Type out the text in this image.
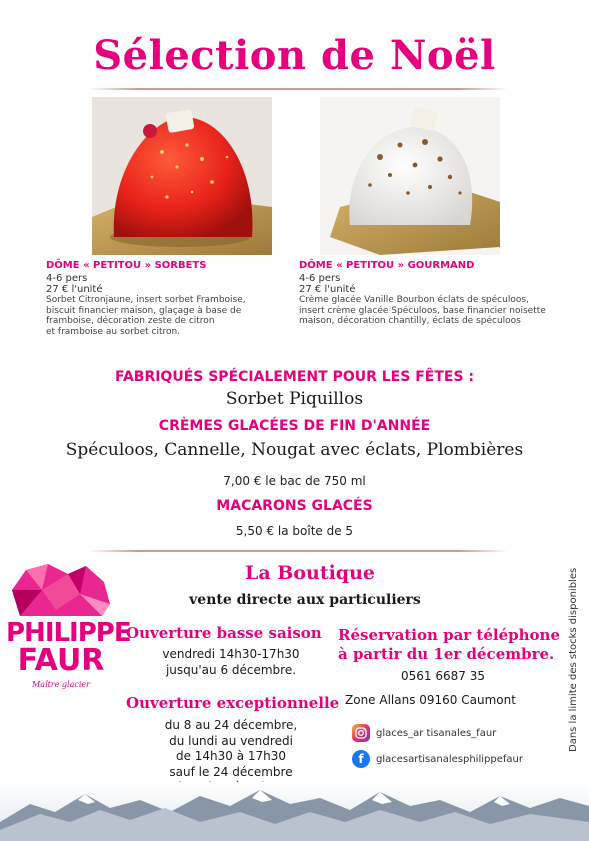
Sélection de Noël
DÔME « PETITOU » SORBETS
4-6 pers
27 € l'unité
Sorbet Citronjaune, insert sorbet Framboise,
biscuit financier maison, glaçage à base de
framboise, décoration zeste de citron
et framboise au sorbet citron.
DÔME « PETITOU » GOURMAND
4-6 pers
27 € l'unité
Crème glacée Vanille Bourbon éclats de spéculoos,
insert crème glacée Spéculoos, base financier noisette
maison, décoration chantilly, éclats de spéculoos
FABRIQUÉS SPÉCIALEMENT POUR LES FÊTES :
Sorbet Piquillos
CRÈMES GLACÉES DE FIN D'ANNÉE
Spéculoos, Cannelle, Nougat avec éclats, Plombières
7,00 € le bac de 750 ml
MACARONS GLACÉS
5,50 € la boîte de 5
PHILIPPE
FAUR
Maître glacier
La Boutique
vente directe aux particuliers
Ouverture basse saison
vendredi 14h30-17h30
jusqu'au 6 décembre.
Ouverture exceptionnelle
du 8 au 24 décembre,
du lundi au vendredi
de 14h30 à 17h30
sauf le 24 décembre
Réservation par téléphone
à partir du 1er décembre.
0561 6687 35
Zone Allans 09160 Caumont
glaces_ar tisanales_faur
f	glacesartisanalesphilippefaur
Dans la limite des stocks disponibles
